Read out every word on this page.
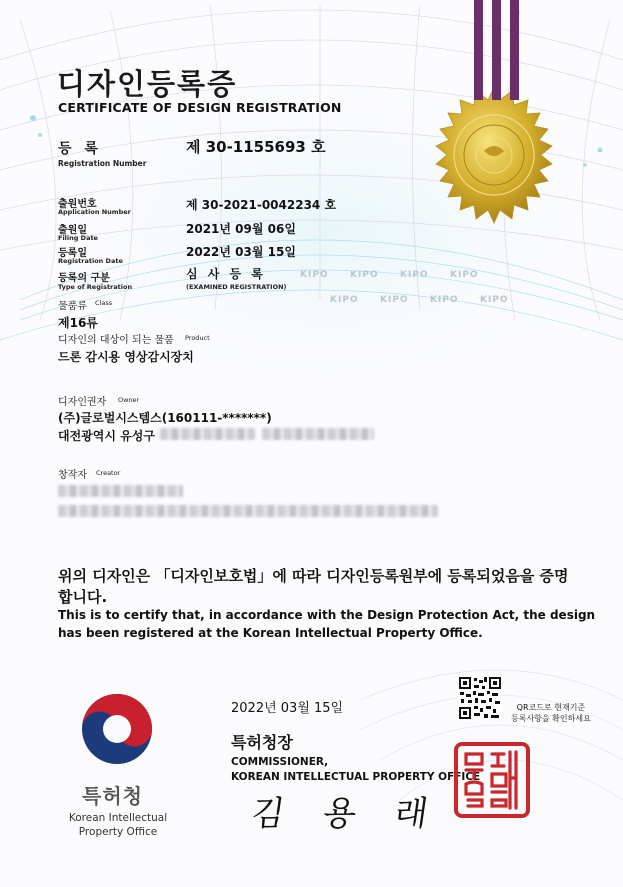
KIPO KIPO KIPO KIPO
KIPO KIPO KIPO KIPO
디자인등록증
CERTIFICATE OF DESIGN REGISTRATION
등 록
Registration Number
제 30-1155693 호
출원번호
Application Number	제 30-2021-0042234 호
출원일
Filing Date
2021년 09월 06일
등록일
Registration Date
2022년 03월 15일
등록의 구분
Type of Registration
심 사 등 록
(EXAMINED REGISTRATION)
물품류 Class
제16류
디자인의 대상이 되는 물품 Product
드론 감시용 영상감시장치
디자인권자 Owner
(주)글로벌시스템스(160111-*******)
대전광역시 유성구
창작자 Creator
위의 디자인은 「디자인보호법」에 따라 디자인등록원부에 등록되었음을 증명합니다.
This is to certify that, in accordance with the Design Protection Act, the design has been registered at the Korean Intellectual Property Office.
2022년 03월 15일	QR코드로 현재기준
등록사항을 확인하세요
특허청장
COMMISSIONER,
KOREAN INTELLECTUAL PROPERTY OFFICE
김 용 래
특허청
Korean Intellectual
Property Office
